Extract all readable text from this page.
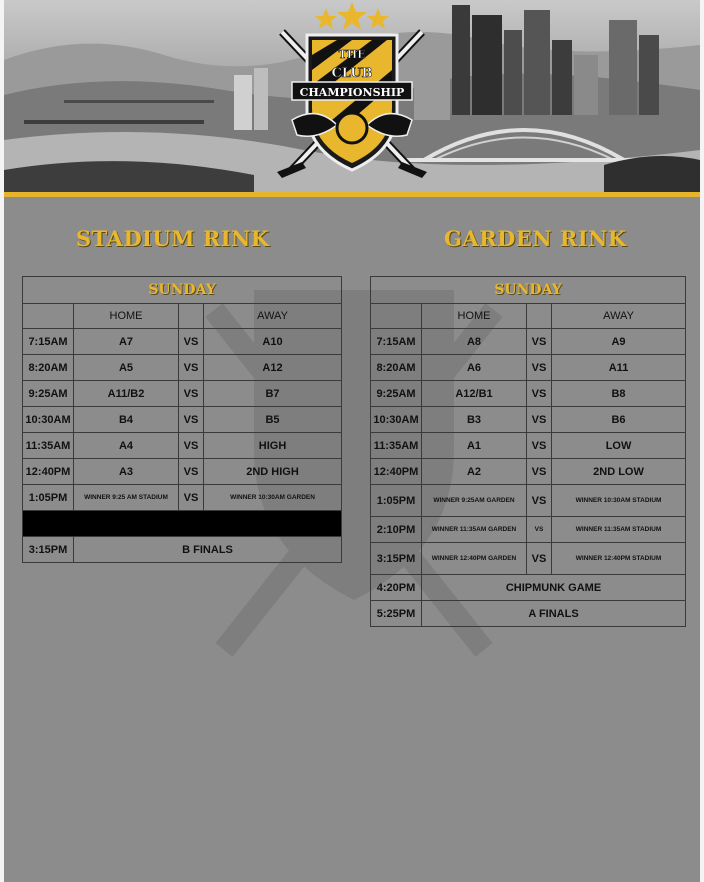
THE
CLUB
CHAMPIONSHIP
STADIUM RINK	GARDEN RINK
SUNDAY			
	HOME		AWAY
7:15AM	A7	VS	A10
8:20AM	A5	VS	A12
9:25AM	A11/B2	VS	B7
10:30AM	B4	VS	B5
11:35AM	A4	VS	HIGH
12:40PM	A3	VS	2ND HIGH
1:05PM	WINNER 9:25 AM STADIUM	VS	WINNER 10:30AM GARDEN

3:15PM	B FINALS		
SUNDAY			
	HOME		AWAY
7:15AM	A8	VS	A9
8:20AM	A6	VS	A11
9:25AM	A12/B1	VS	B8
10:30AM	B3	VS	B6
11:35AM	A1	VS	LOW
12:40PM	A2	VS	2ND LOW
1:05PM	WINNER 9:25AM GARDEN	VS	WINNER 10:30AM STADIUM
2:10PM	WINNER 11:35AM GARDEN	VS	WINNER 11:35AM STADIUM
3:15PM	WINNER 12:40PM GARDEN	VS	WINNER 12:40PM STADIUM
4:20PM	CHIPMUNK GAME		
5:25PM	A FINALS		
